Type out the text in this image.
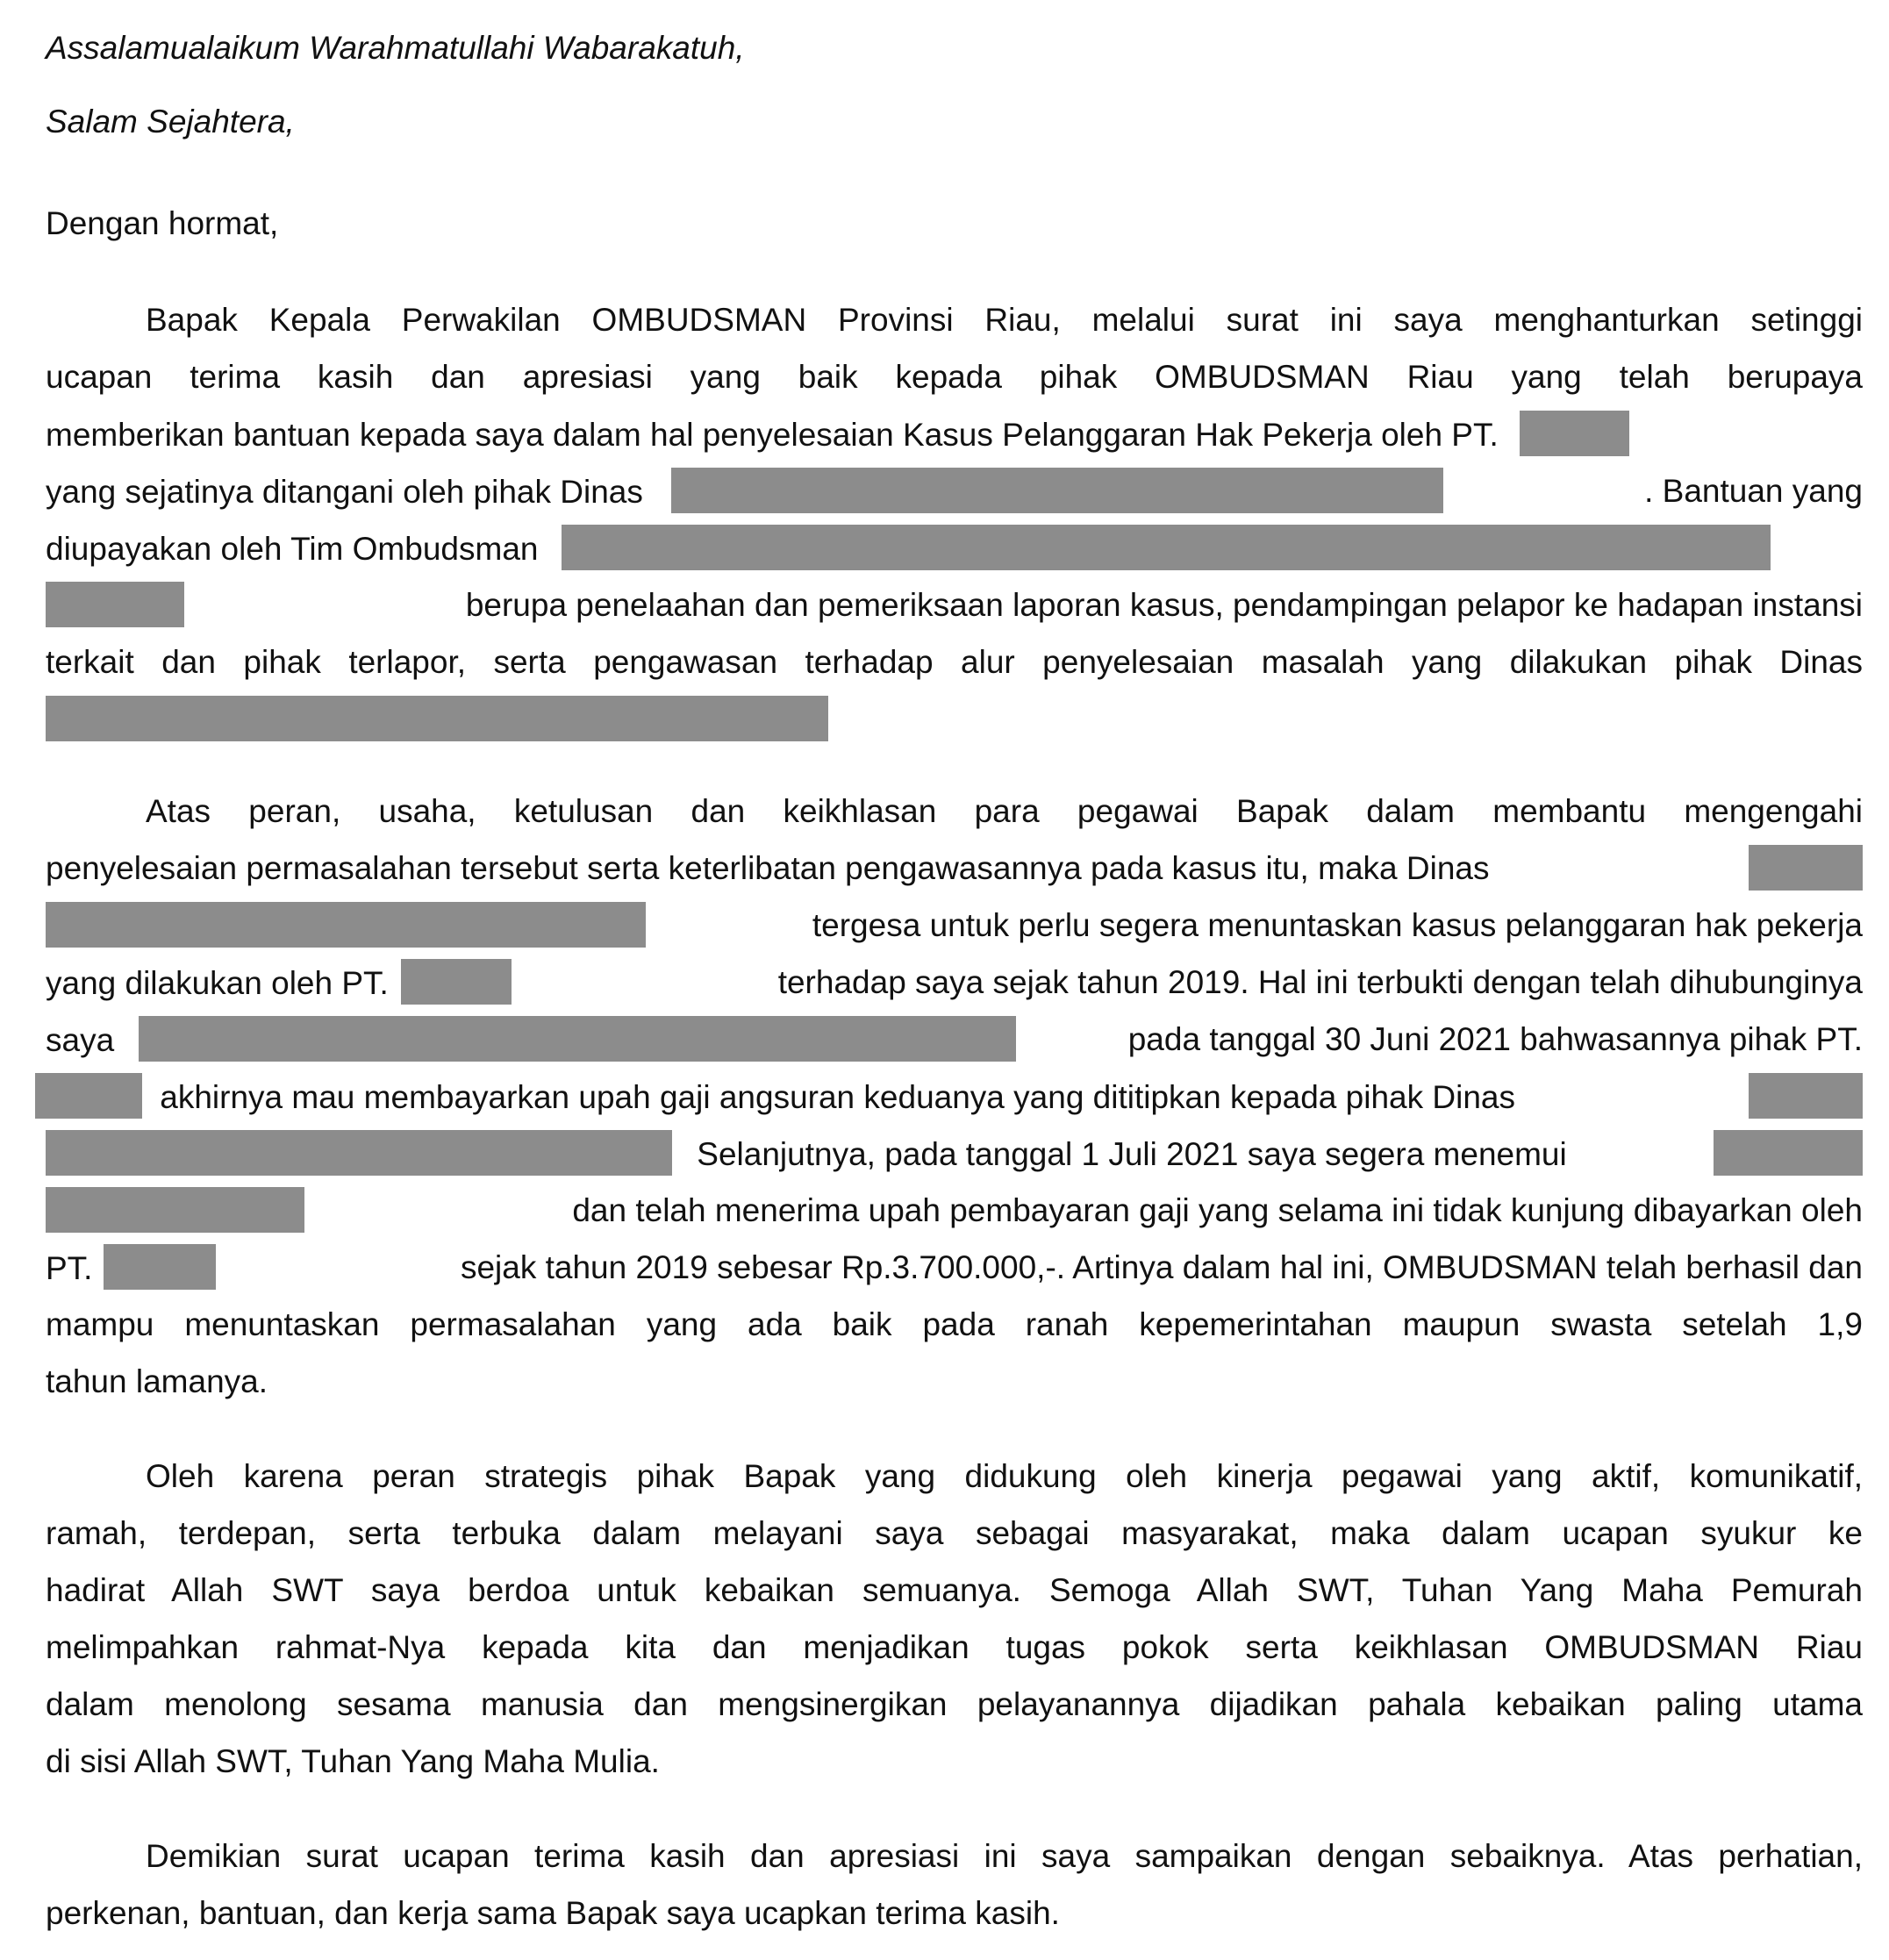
Assalamualaikum Warahmatullahi Wabarakatuh,
Salam Sejahtera,
Dengan hormat,
Bapak Kepala Perwakilan OMBUDSMAN Provinsi Riau, melalui surat ini saya menghanturkan setinggi
ucapan terima kasih dan apresiasi yang baik kepada pihak OMBUDSMAN Riau yang telah berupaya
memberikan bantuan kepada saya dalam hal penyelesaian Kasus Pelanggaran Hak Pekerja oleh PT.
yang sejatinya ditangani oleh pihak Dinas	. Bantuan yang
diupayakan oleh Tim Ombudsman
berupa penelaahan dan pemeriksaan laporan kasus, pendampingan pelapor ke hadapan instansi
terkait dan pihak terlapor, serta pengawasan terhadap alur penyelesaian masalah yang dilakukan pihak Dinas
Atas peran, usaha, ketulusan dan keikhlasan para pegawai Bapak dalam membantu mengengahi
penyelesaian permasalahan tersebut serta keterlibatan pengawasannya pada kasus itu, maka Dinas
tergesa untuk perlu segera menuntaskan kasus pelanggaran hak pekerja
yang dilakukan oleh PT.	terhadap saya sejak tahun 2019. Hal ini terbukti dengan telah dihubunginya
saya	pada tanggal 30 Juni 2021 bahwasannya pihak PT.
akhirnya mau membayarkan upah gaji angsuran keduanya yang dititipkan kepada pihak Dinas
Selanjutnya, pada tanggal 1 Juli 2021 saya segera menemui
dan telah menerima upah pembayaran gaji yang selama ini tidak kunjung dibayarkan oleh
PT.	sejak tahun 2019 sebesar Rp.3.700.000,-. Artinya dalam hal ini, OMBUDSMAN telah berhasil dan
mampu menuntaskan permasalahan yang ada baik pada ranah kepemerintahan maupun swasta setelah 1,9
tahun lamanya.
Oleh karena peran strategis pihak Bapak yang didukung oleh kinerja pegawai yang aktif, komunikatif,
ramah, terdepan, serta terbuka dalam melayani saya sebagai masyarakat, maka dalam ucapan syukur ke
hadirat Allah SWT saya berdoa untuk kebaikan semuanya. Semoga Allah SWT, Tuhan Yang Maha Pemurah
melimpahkan rahmat-Nya kepada kita dan menjadikan tugas pokok serta keikhlasan OMBUDSMAN Riau
dalam menolong sesama manusia dan mengsinergikan pelayanannya dijadikan pahala kebaikan paling utama
di sisi Allah SWT, Tuhan Yang Maha Mulia.
Demikian surat ucapan terima kasih dan apresiasi ini saya sampaikan dengan sebaiknya. Atas perhatian,
perkenan, bantuan, dan kerja sama Bapak saya ucapkan terima kasih.
